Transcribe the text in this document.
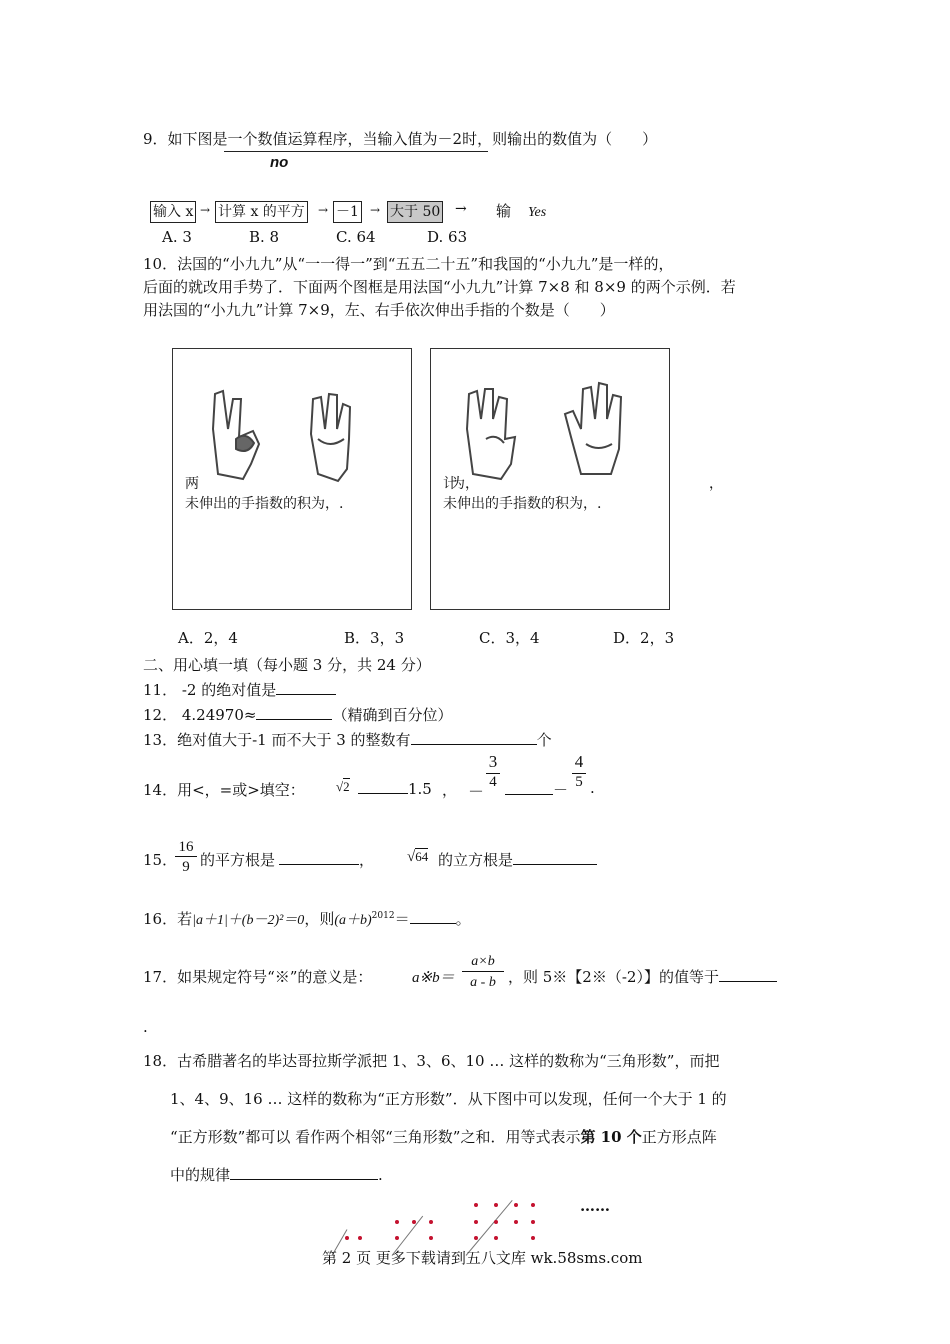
9．如下图是一个数值运算程序，当输入值为－2时，则输出的数值为（　　）
no
输入 x → 计算 x 的平方 → －1 → 大于 50 → 输 Yes
A. 3	B. 8	C. 64	D. 63
10．法国的“小九九”从“一一得一”到“五五二十五”和我国的“小九九”是一样的，
后面的就改用手势了．下面两个图框是用法国“小九九”计算 7×8 和 8×9 的两个示例．若
用法国的“小九九”计算 7×9，左、右手依次伸出手指的个数是（　　）
两　　　　　　　　　　　　　　　　　　为，
未伸出的手指数的积为，.
计　　　　　　　　　　　　　　　　　　，
未伸出的手指数的积为，.
A．2，4	B．3，3	C．3，4	D．2，3
二、用心填一填（每小题 3 分，共 24 分）
11． -2 的绝对值是
12． 4.24970≈	（精确到百分位）
13．绝对值大于-1 而不大于 3 的整数有	个
14．用<，=或>填空： √2	1.5 ， －
$\frac{3}{4}$	－ $\frac{4}{5}$ .
15．
$\frac{16}{9}$ 的平方根是	， √64 的立方根是
16．若|a＋1|＋(b－2)²＝0，则$(a+b)^{2012}=$	。
17．如果规定符号“※”的意义是：	a※b＝ $\frac{a\times b}{a - b}$ ，则 5※【2※（-2）】的值等于
.
18．古希腊著名的毕达哥拉斯学派把 1、3、6、10 … 这样的数称为“三角形数”，而把
1、4、9、16 … 这样的数称为“正方形数”．从下图中可以发现，任何一个大于 1 的
“正方形数”都可以 看作两个相邻“三角形数”之和．用等式表示第 10 个正方形点阵
中的规律	.
……
第 2 页 更多下载请到五八文库 wk.58sms.com
